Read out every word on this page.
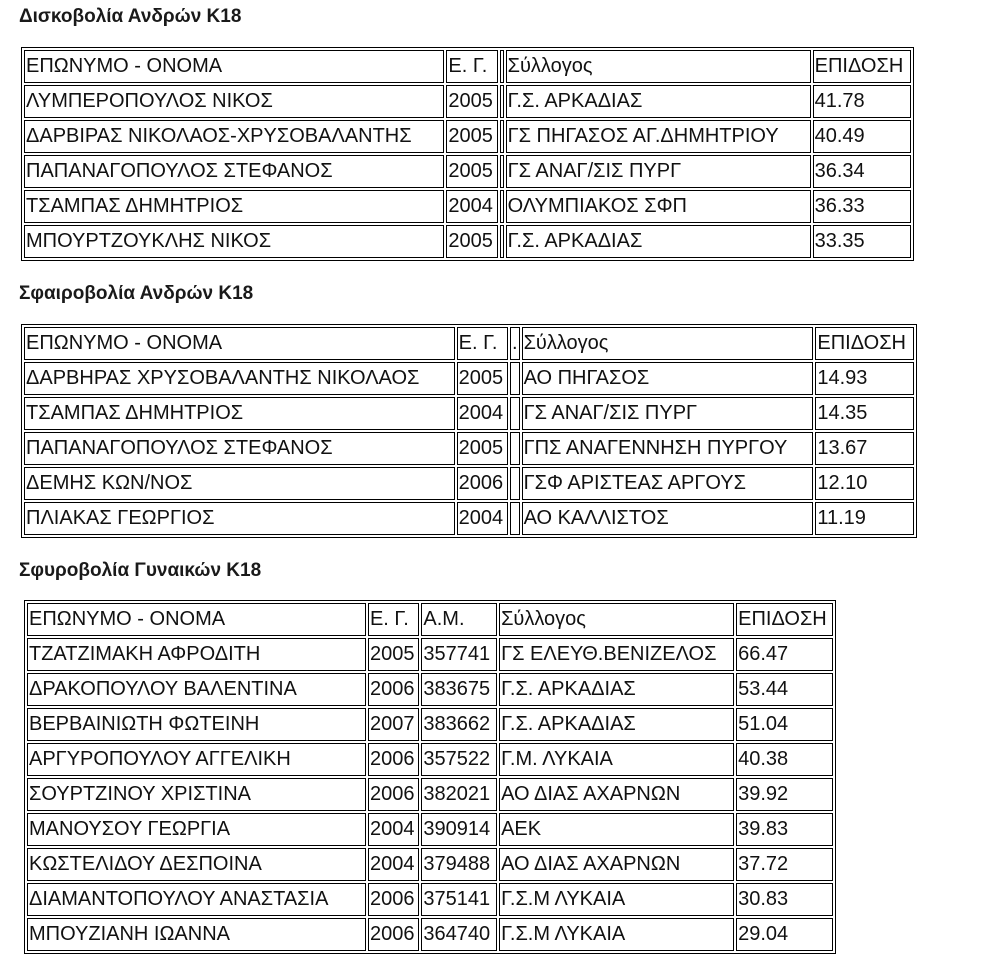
Δισκοβολία Ανδρών Κ18
ΕΠΩΝΥΜΟ - ΟΝΟΜΑ	Ε. Γ.		Σύλλογος	ΕΠΙΔΟΣΗ
ΛΥΜΠΕΡΟΠΟΥΛΟΣ ΝΙΚΟΣ	2005		Γ.Σ. ΑΡΚΑΔΙΑΣ	41.78
ΔΑΡΒΙΡΑΣ ΝΙΚΟΛΑΟΣ-ΧΡΥΣΟΒΑΛΑΝΤΗΣ	2005		ΓΣ ΠΗΓΑΣΟΣ ΑΓ.ΔΗΜΗΤΡΙΟΥ	40.49
ΠΑΠΑΝΑΓΟΠΟΥΛΟΣ ΣΤΕΦΑΝΟΣ	2005		ΓΣ ΑΝΑΓ/ΣΙΣ ΠΥΡΓ	36.34
ΤΣΑΜΠΑΣ ΔΗΜΗΤΡΙΟΣ	2004		ΟΛΥΜΠΙΑΚΟΣ ΣΦΠ	36.33
ΜΠΟΥΡΤΖΟΥΚΛΗΣ ΝΙΚΟΣ	2005		Γ.Σ. ΑΡΚΑΔΙΑΣ	33.35
Σφαιροβολία Ανδρών Κ18
ΕΠΩΝΥΜΟ - ΟΝΟΜΑ	Ε. Γ.	.	Σύλλογος	ΕΠΙΔΟΣΗ
ΔΑΡΒΗΡΑΣ ΧΡΥΣΟΒΑΛΑΝΤΗΣ ΝΙΚΟΛΑΟΣ	2005		ΑΟ ΠΗΓΑΣΟΣ	14.93
ΤΣΑΜΠΑΣ ΔΗΜΗΤΡΙΟΣ	2004		ΓΣ ΑΝΑΓ/ΣΙΣ ΠΥΡΓ	14.35
ΠΑΠΑΝΑΓΟΠΟΥΛΟΣ ΣΤΕΦΑΝΟΣ	2005		ΓΠΣ ΑΝΑΓΕΝΝΗΣΗ ΠΥΡΓΟΥ	13.67
ΔΕΜΗΣ ΚΩΝ/ΝΟΣ	2006		ΓΣΦ ΑΡΙΣΤΕΑΣ ΑΡΓΟΥΣ	12.10
ΠΛΙΑΚΑΣ ΓΕΩΡΓΙΟΣ	2004		ΑΟ ΚΑΛΛΙΣΤΟΣ	11.19
Σφυροβολία Γυναικών Κ18
ΕΠΩΝΥΜΟ - ΟΝΟΜΑ	Ε. Γ.	Α.Μ.	Σύλλογος	ΕΠΙΔΟΣΗ
ΤΖΑΤΖΙΜΑΚΗ ΑΦΡΟΔΙΤΗ	2005	357741	ΓΣ ΕΛΕΥΘ.ΒΕΝΙΖΕΛΟΣ	66.47
ΔΡΑΚΟΠΟΥΛΟΥ ΒΑΛΕΝΤΙΝΑ	2006	383675	Γ.Σ. ΑΡΚΑΔΙΑΣ	53.44
ΒΕΡΒΑΙΝΙΩΤΗ ΦΩΤΕΙΝΗ	2007	383662	Γ.Σ. ΑΡΚΑΔΙΑΣ	51.04
ΑΡΓΥΡΟΠΟΥΛΟΥ ΑΓΓΕΛΙΚΗ	2006	357522	Γ.Μ. ΛΥΚΑΙΑ	40.38
ΣΟΥΡΤΖΙΝΟΥ ΧΡΙΣΤΙΝΑ	2006	382021	ΑΟ ΔΙΑΣ ΑΧΑΡΝΩΝ	39.92
ΜΑΝΟΥΣΟΥ ΓΕΩΡΓΙΑ	2004	390914	ΑΕΚ	39.83
ΚΩΣΤΕΛΙΔΟΥ ΔΕΣΠΟΙΝΑ	2004	379488	ΑΟ ΔΙΑΣ ΑΧΑΡΝΩΝ	37.72
ΔΙΑΜΑΝΤΟΠΟΥΛΟΥ ΑΝΑΣΤΑΣΙΑ	2006	375141	Γ.Σ.Μ ΛΥΚΑΙΑ	30.83
ΜΠΟΥΖΙΑΝΗ ΙΩΑΝΝΑ	2006	364740	Γ.Σ.Μ ΛΥΚΑΙΑ	29.04
